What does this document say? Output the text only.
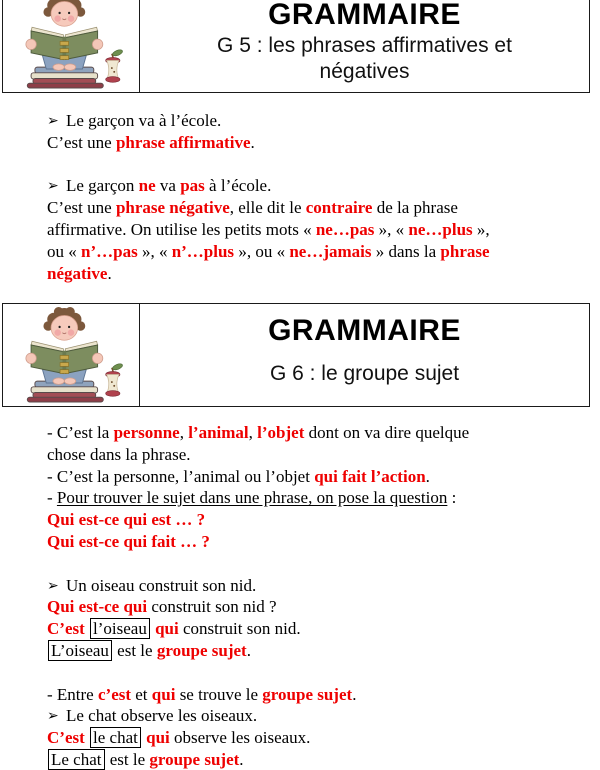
GRAMMAIRE
G 5 : les phrases affirmatives et
négatives
➢ Le garçon va à l’école.
C’est une phrase affirmative.

➢ Le garçon ne va pas à l’école.
C’est une phrase négative, elle dit le contraire de la phrase
affirmative. On utilise les petits mots « ne…pas », « ne…plus »,
ou « n’…pas », « n’…plus », ou « ne…jamais » dans la phrase
négative.
GRAMMAIRE
G 6 : le groupe sujet
- C’est la personne, l’animal, l’objet dont on va dire quelque
chose dans la phrase.
- C’est la personne, l’animal ou l’objet qui fait l’action.
- Pour trouver le sujet dans une phrase, on pose la question :
Qui est-ce qui est … ?
Qui est-ce qui fait … ?

➢ Un oiseau construit son nid.
Qui est-ce qui construit son nid ?
C’est l’oiseau qui construit son nid.
L’oiseau est le groupe sujet.

- Entre c’est et qui se trouve le groupe sujet.
➢ Le chat observe les oiseaux.
C’est le chat qui observe les oiseaux.
Le chat est le groupe sujet.
